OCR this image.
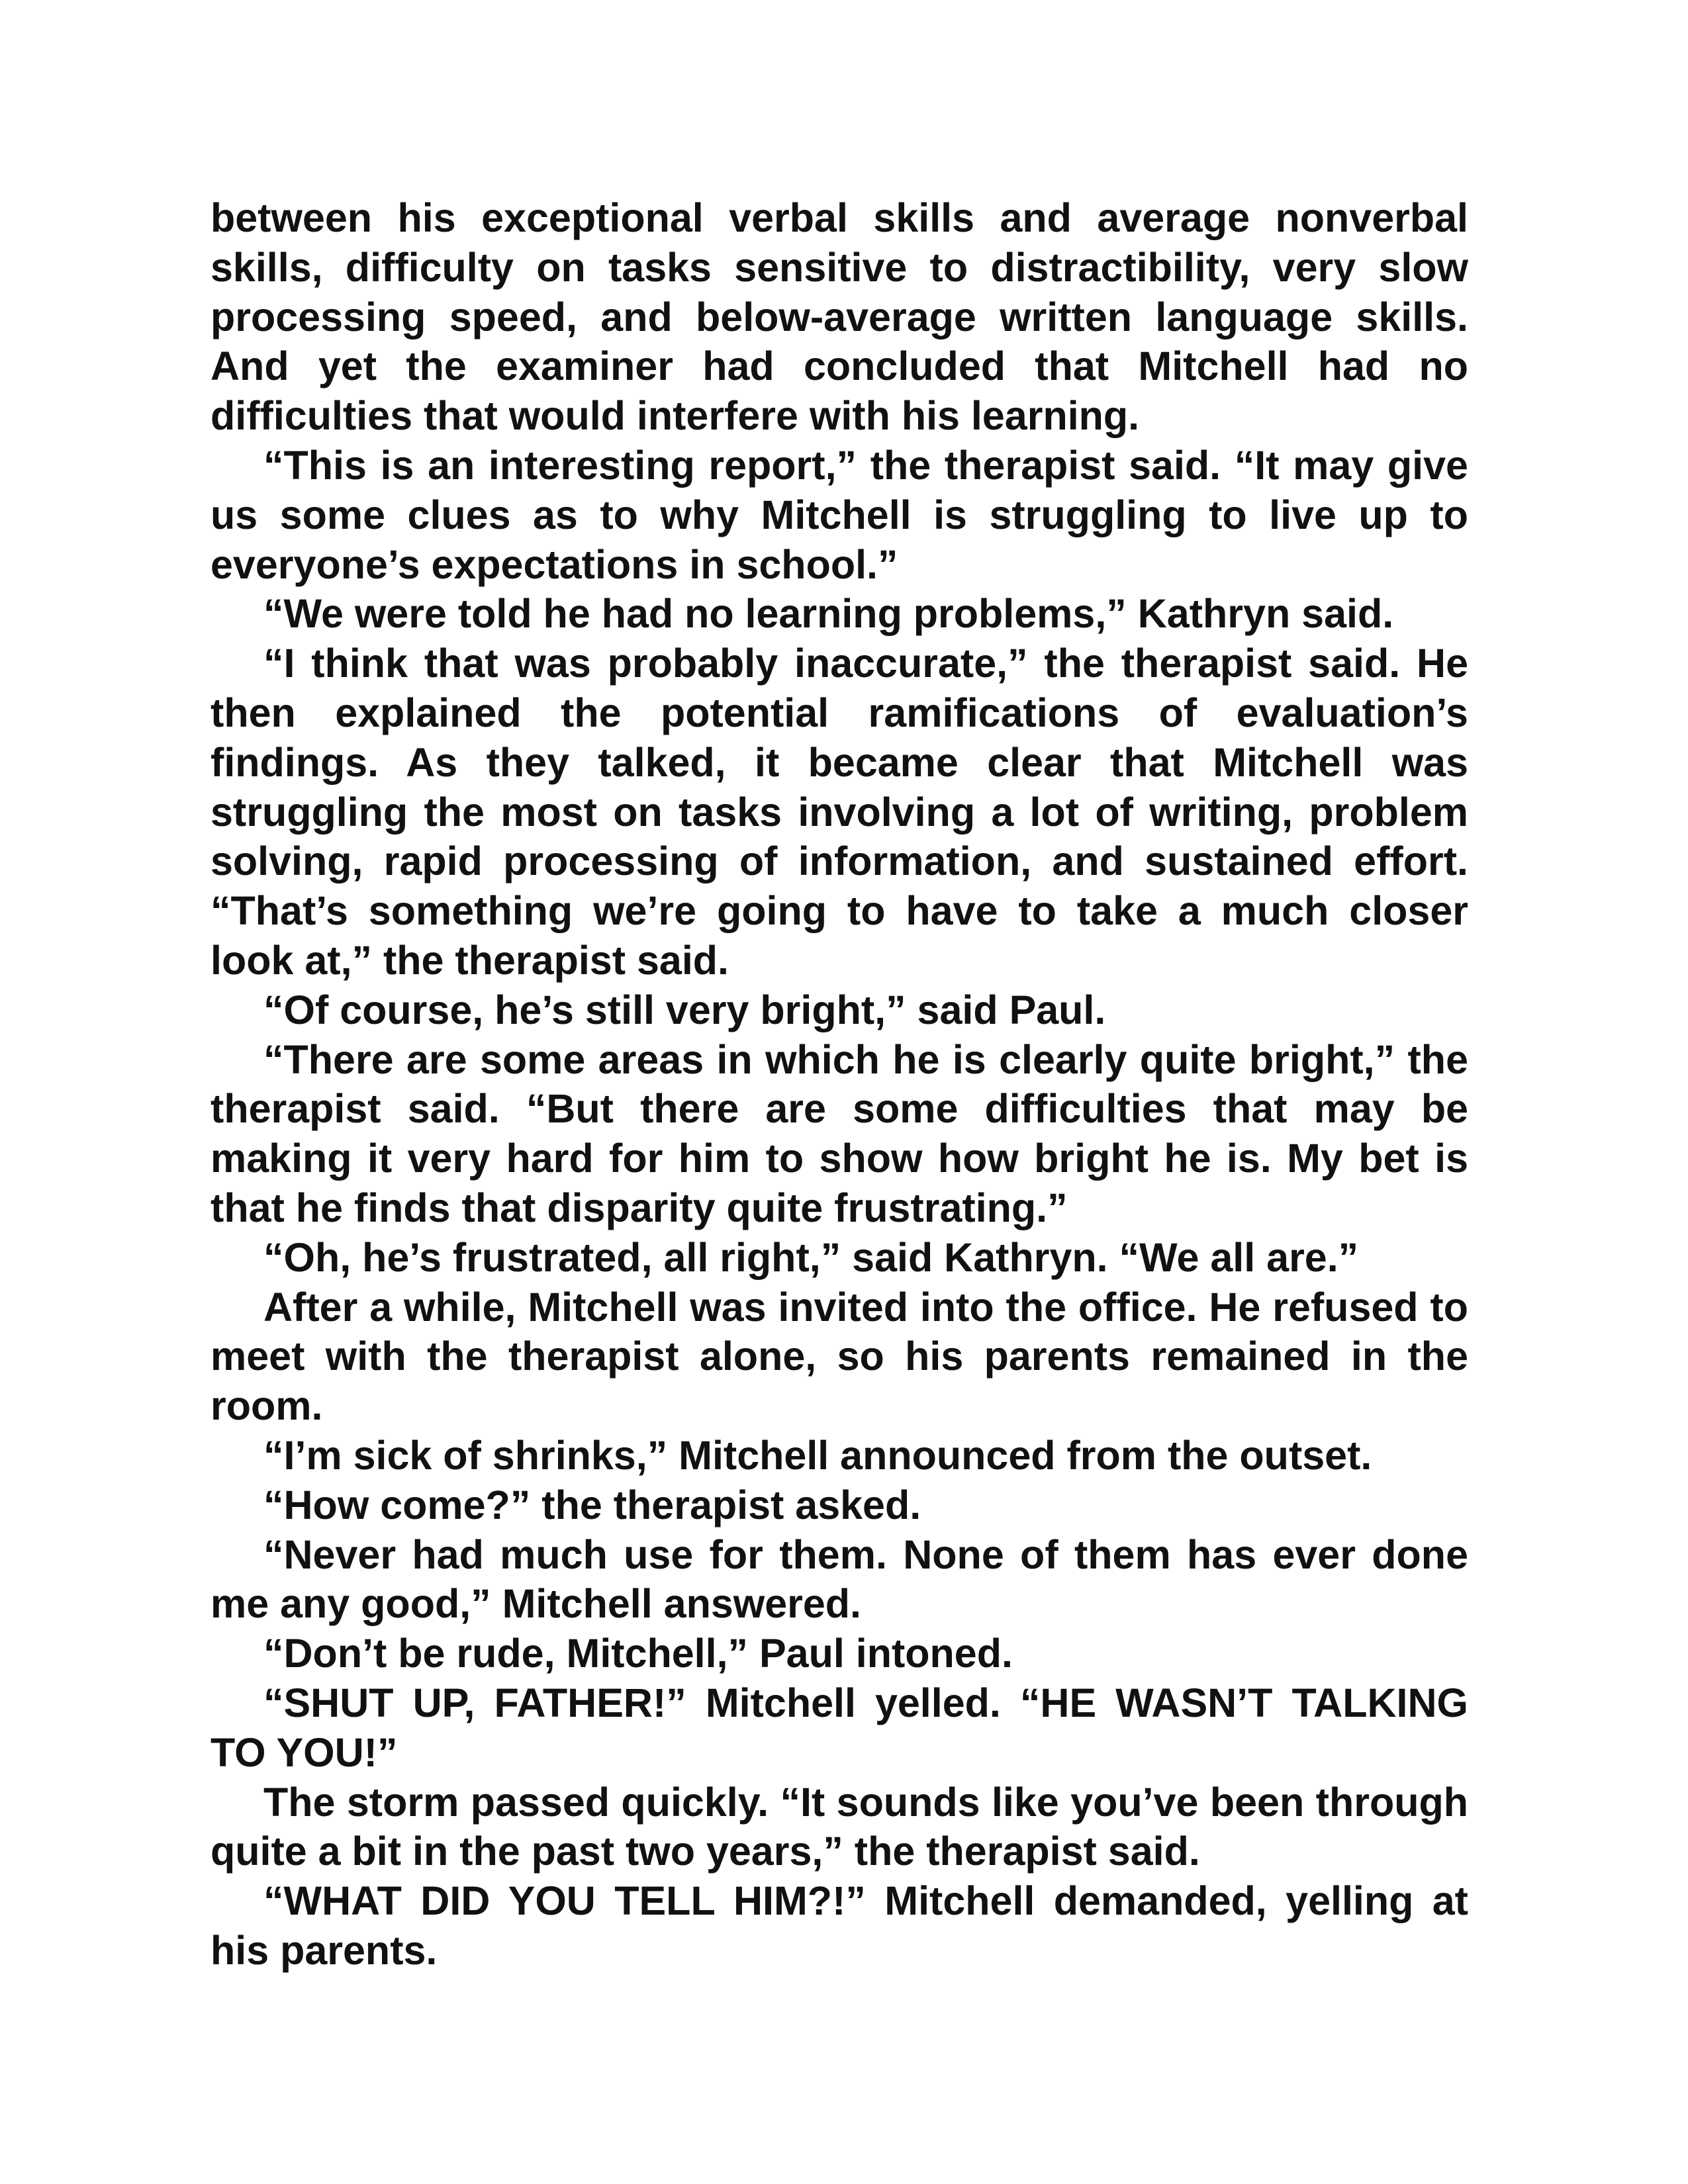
between his exceptional verbal skills and average nonverbal skills, difficulty on tasks sensitive to distractibility, very slow processing speed, and below-average written language skills. And yet the examiner had concluded that Mitchell had no difficulties that would interfere with his learning.

“This is an interesting report,” the therapist said. “It may give us some clues as to why Mitchell is struggling to live up to everyone’s expectations in school.”

“We were told he had no learning problems,” Kathryn said.

“I think that was probably inaccurate,” the therapist said. He then explained the potential ramifications of evaluation’s findings. As they talked, it became clear that Mitchell was struggling the most on tasks involving a lot of writing, problem solving, rapid processing of information, and sustained effort. “That’s something we’re going to have to take a much closer look at,” the therapist said.

“Of course, he’s still very bright,” said Paul.

“There are some areas in which he is clearly quite bright,” the therapist said. “But there are some difficulties that may be making it very hard for him to show how bright he is. My bet is that he finds that disparity quite frustrating.”

“Oh, he’s frustrated, all right,” said Kathryn. “We all are.”

After a while, Mitchell was invited into the office. He refused to meet with the therapist alone, so his parents remained in the room.

“I’m sick of shrinks,” Mitchell announced from the outset.

“How come?” the therapist asked.

“Never had much use for them. None of them has ever done me any good,” Mitchell answered.

“Don’t be rude, Mitchell,” Paul intoned.

“SHUT UP, FATHER!” Mitchell yelled. “HE WASN’T TALKING TO YOU!”

The storm passed quickly. “It sounds like you’ve been through quite a bit in the past two years,” the therapist said.

“WHAT DID YOU TELL HIM?!” Mitchell demanded, yelling at his parents.
